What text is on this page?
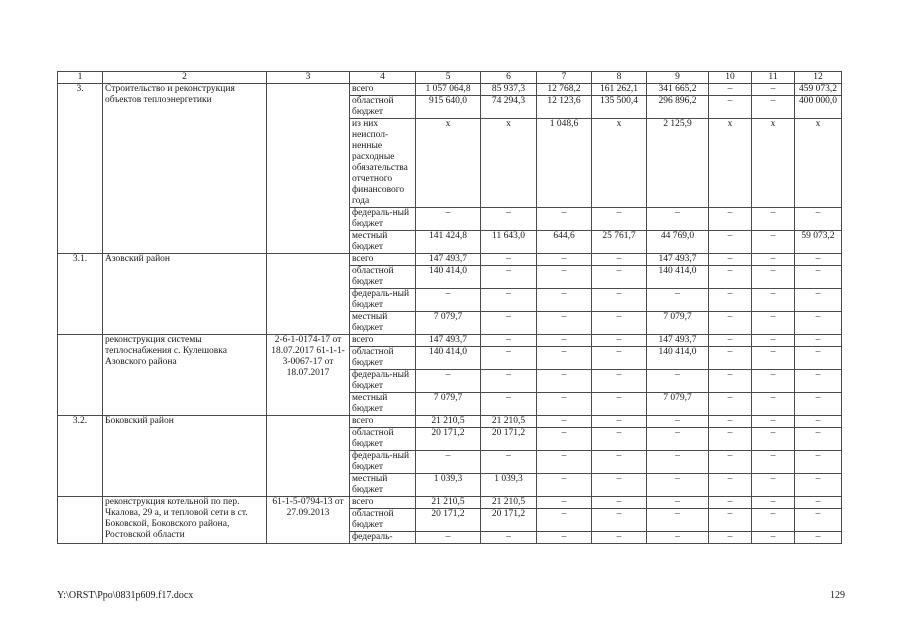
1	2	3	4	5	6	7	8	9	10	11	12
3.	Строительство и реконструкция объектов теплоэнергетики		всего	1 057 064,8	85 937,3	12 768,2	161 262,1	341 665,2	–	–	459 073,2
			областной бюджет	915 640,0	74 294,3	12 123,6	135 500,4	296 896,2	–	–	400 000,0
			из них неиспол-ненные расходные обязательства отчетного финансового года	х	х	1 048,6	х	2 125,9	х	х	х
			федераль-ный бюджет	–	–	–	–	–	–	–	–
			местный бюджет	141 424,8	11 643,0	644,6	25 761,7	44 769,0	–	–	59 073,2
3.1.	Азовский район		всего	147 493,7	–	–	–	147 493,7	–	–	–
			областной бюджет	140 414,0	–	–	–	140 414,0	–	–	–
			федераль-ный бюджет	–	–	–	–	–	–	–	–
			местный бюджет	7 079,7	–	–	–	7 079,7	–	–	–
	реконструкция системы теплоснабжения с. Кулешовка Азовского района	2-6-1-0174-17 от 18.07.2017 61-1-1-3-0067-17 от 18.07.2017	всего	147 493,7	–	–	–	147 493,7	–	–	–
			областной бюджет	140 414,0	–	–	–	140 414,0	–	–	–
			федераль-ный бюджет	–	–	–	–	–	–	–	–
			местный бюджет	7 079,7	–	–	–	7 079,7	–	–	–
3.2.	Боковский район		всего	21 210,5	21 210,5	–	–	–	–	–	–
			областной бюджет	20 171,2	20 171,2	–	–	–	–	–	–
			федераль-ный бюджет	–	–	–	–	–	–	–	–
			местный бюджет	1 039,3	1 039,3	–	–	–	–	–	–
	реконструкция котельной по пер. Чкалова, 29 а, и тепловой сети в ст. Боковской, Боковского района, Ростовской области	61-1-5-0794-13 от 27.09.2013	всего	21 210,5	21 210,5	–	–	–	–	–	–
			областной бюджет	20 171,2	20 171,2	–	–	–	–	–	–
			федераль-	–	–	–	–	–	–	–	–
Y:\ORST\Ppo\0831p609.f17.docx	129
